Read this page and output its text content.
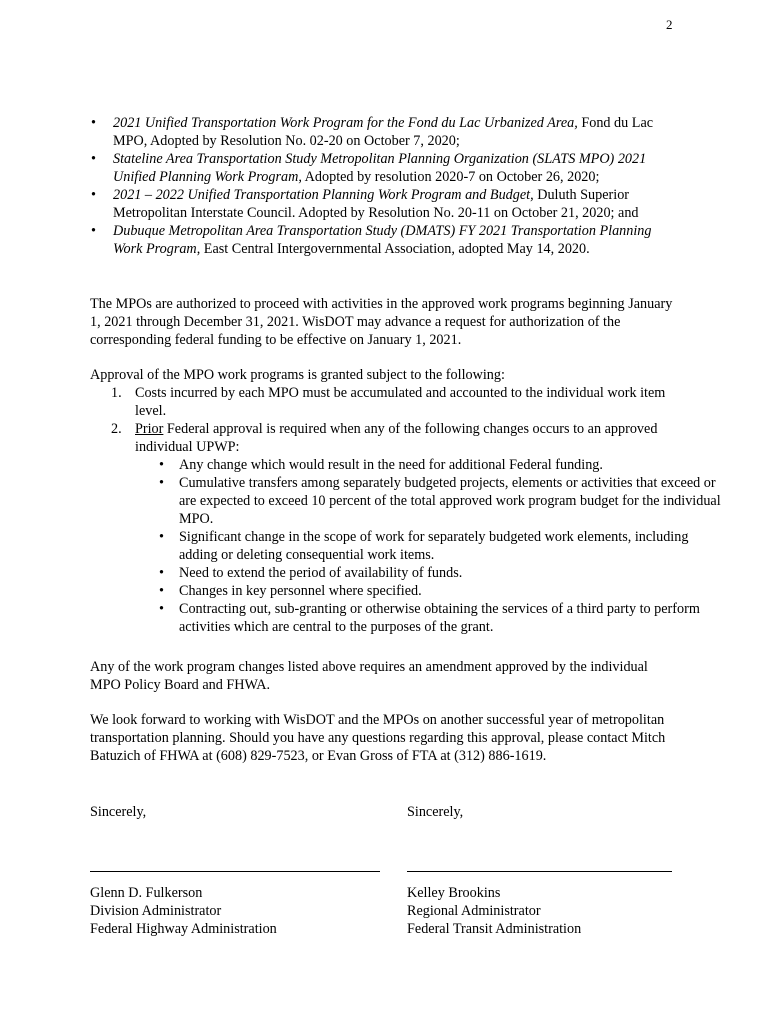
2
• 2021 Unified Transportation Work Program for the Fond du Lac Urbanized Area, Fond du Lac MPO, Adopted by Resolution No. 02-20 on October 7, 2020;
• Stateline Area Transportation Study Metropolitan Planning Organization (SLATS MPO) 2021 Unified Planning Work Program, Adopted by resolution 2020-7 on October 26, 2020;
• 2021 – 2022 Unified Transportation Planning Work Program and Budget, Duluth Superior Metropolitan Interstate Council. Adopted by Resolution No. 20-11 on October 21, 2020; and
• Dubuque Metropolitan Area Transportation Study (DMATS) FY 2021 Transportation Planning Work Program, East Central Intergovernmental Association, adopted May 14, 2020.

The MPOs are authorized to proceed with activities in the approved work programs beginning January 1, 2021 through December 31, 2021. WisDOT may advance a request for authorization of the corresponding federal funding to be effective on January 1, 2021.

Approval of the MPO work programs is granted subject to the following:

1. Costs incurred by each MPO must be accumulated and accounted to the individual work item level.
2. Prior Federal approval is required when any of the following changes occurs to an approved individual UPWP:
• Any change which would result in the need for additional Federal funding.
• Cumulative transfers among separately budgeted projects, elements or activities that exceed or are expected to exceed 10 percent of the total approved work program budget for the individual MPO.
• Significant change in the scope of work for separately budgeted work elements, including adding or deleting consequential work items.
• Need to extend the period of availability of funds.
• Changes in key personnel where specified.
• Contracting out, sub-granting or otherwise obtaining the services of a third party to perform activities which are central to the purposes of the grant.

Any of the work program changes listed above requires an amendment approved by the individual MPO Policy Board and FHWA.

We look forward to working with WisDOT and the MPOs on another successful year of metropolitan transportation planning. Should you have any questions regarding this approval, please contact Mitch Batuzich of FHWA at (608) 829-7523, or Evan Gross of FTA at (312) 886-1619.

Sincerely,
Glenn D. Fulkerson
Division Administrator
Federal Highway Administration
Sincerely,
Kelley Brookins
Regional Administrator
Federal Transit Administration
